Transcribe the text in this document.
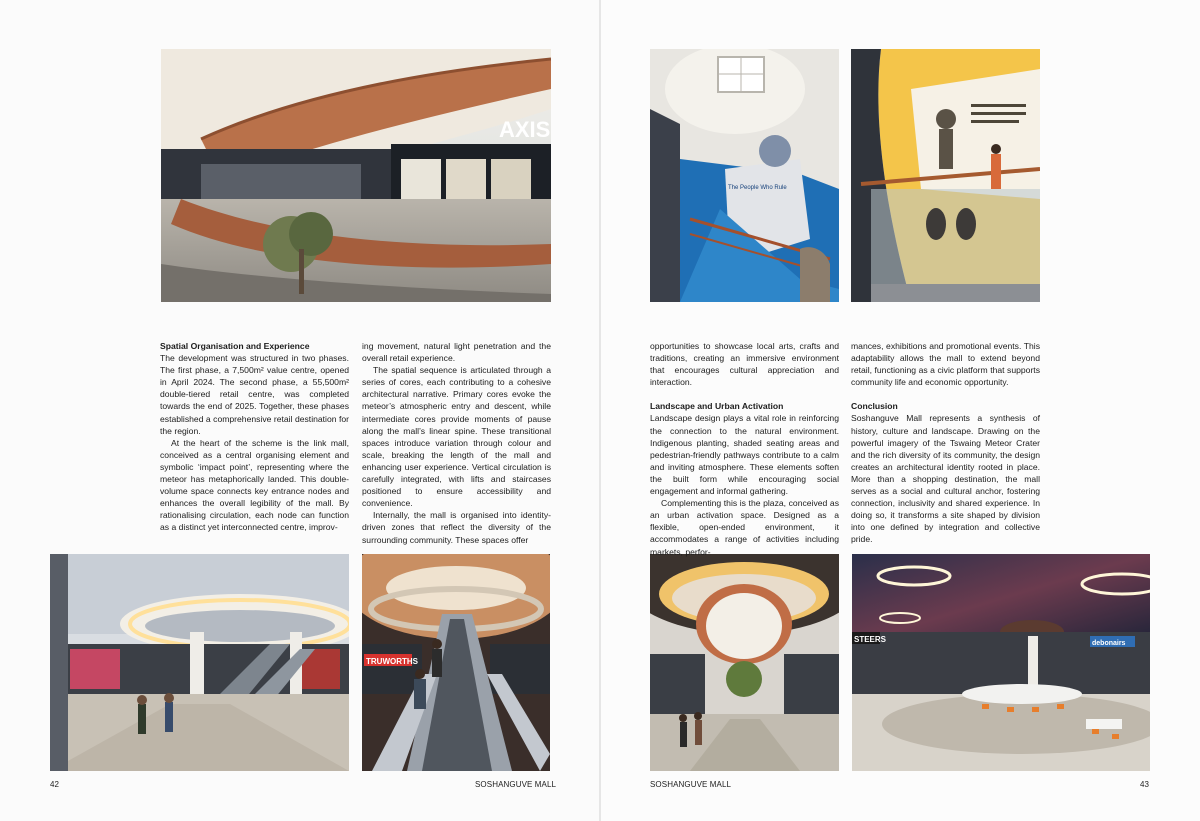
AXIS
TRUWORTHS
The People Who Rule
STEERS	debonairs
Spatial Organisation and Experience

The development was structured in two phases. The first phase, a 7,500m² value centre, opened in April 2024. The second phase, a 55,500m² double-tiered retail centre, was completed towards the end of 2025. Together, these phases established a comprehensive retail destination for the region.

At the heart of the scheme is the link mall, conceived as a central organising element and symbolic ‘impact point’, representing where the meteor has metaphorically landed. This double-volume space connects key entrance nodes and enhances the overall legibility of the mall. By rationalising circulation, each node can function as a distinct yet interconnected centre, improv-

ing movement, natural light penetration and the overall retail experience.

The spatial sequence is articulated through a series of cores, each contributing to a cohesive architectural narrative. Primary cores evoke the meteor’s atmospheric entry and descent, while intermediate cores provide moments of pause along the mall’s linear spine. These transitional spaces introduce variation through colour and scale, breaking the length of the mall and enhancing user experience. Vertical circulation is carefully integrated, with lifts and staircases positioned to ensure accessibility and convenience.

Internally, the mall is organised into identity-driven zones that reflect the diversity of the surrounding community. These spaces offer

opportunities to showcase local arts, crafts and traditions, creating an immersive environment that encourages cultural appreciation and interaction.

Landscape and Urban Activation

Landscape design plays a vital role in reinforcing the connection to the natural environment. Indigenous planting, shaded seating areas and pedestrian-friendly pathways contribute to a calm and inviting atmosphere. These elements soften the built form while encouraging social engagement and informal gathering.

Complementing this is the plaza, conceived as an urban activation space. Designed as a flexible, open-ended environment, it accommodates a range of activities including markets, perfor-

mances, exhibitions and promotional events. This adaptability allows the mall to extend beyond retail, functioning as a civic platform that supports community life and economic opportunity.

Conclusion

Soshanguve Mall represents a synthesis of history, culture and landscape. Drawing on the powerful imagery of the Tswaing Meteor Crater and the rich diversity of its community, the design creates an architectural identity rooted in place. More than a shopping destination, the mall serves as a social and cultural anchor, fostering connection, inclusivity and shared experience. In doing so, it transforms a site shaped by division into one defined by integration and collective pride.

42	SOSHANGUVE MALL	SOSHANGUVE MALL	43
